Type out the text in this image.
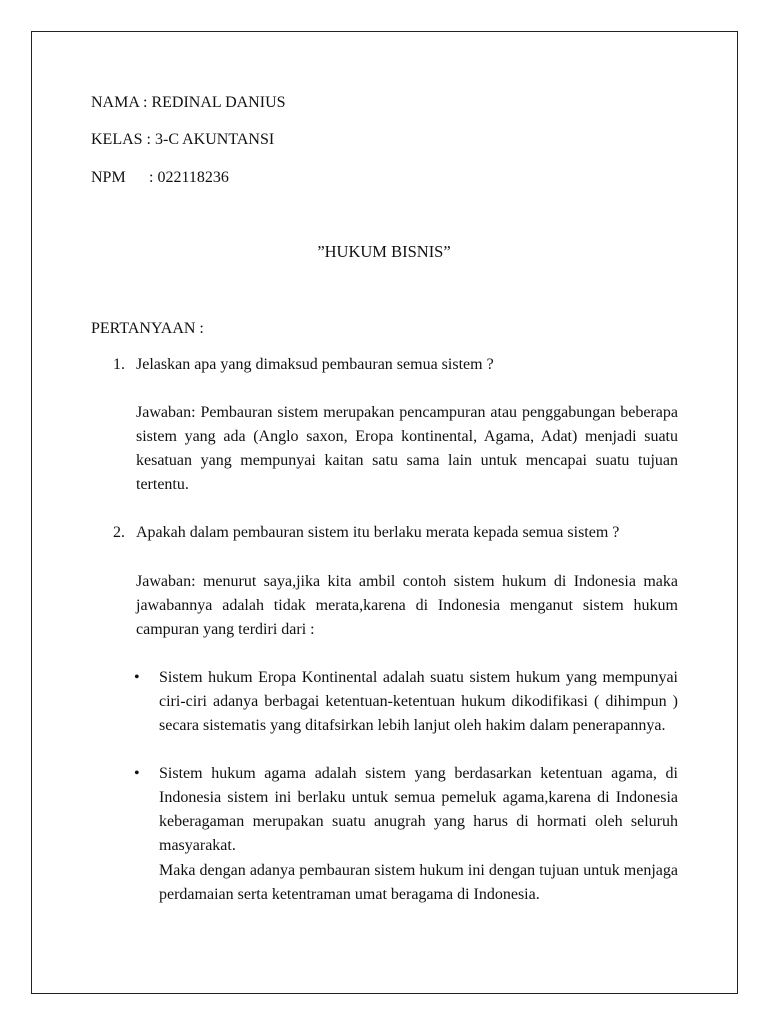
NAMA : REDINAL DANIUS
KELAS : 3-C AKUNTANSI
NPM : 022118236
”HUKUM BISNIS”
PERTANYAAN :
1. Jelaskan apa yang dimaksud pembauran semua sistem ?

Jawaban: Pembauran sistem merupakan pencampuran atau penggabungan beberapa sistem yang ada (Anglo saxon, Eropa kontinental, Agama, Adat) menjadi suatu kesatuan yang mempunyai kaitan satu sama lain untuk mencapai suatu tujuan tertentu.

2. Apakah dalam pembauran sistem itu berlaku merata kepada semua sistem ?

Jawaban: menurut saya,jika kita ambil contoh sistem hukum di Indonesia maka jawabannya adalah tidak merata,karena di Indonesia menganut sistem hukum campuran yang terdiri dari :

• Sistem hukum Eropa Kontinental adalah suatu sistem hukum yang mempunyai ciri-ciri adanya berbagai ketentuan-ketentuan hukum dikodifikasi ( dihimpun ) secara sistematis yang ditafsirkan lebih lanjut oleh hakim dalam penerapannya.

• Sistem hukum agama adalah sistem yang berdasarkan ketentuan agama, di Indonesia sistem ini berlaku untuk semua pemeluk agama,karena di Indonesia keberagaman merupakan suatu anugrah yang harus di hormati oleh seluruh masyarakat.

Maka dengan adanya pembauran sistem hukum ini dengan tujuan untuk menjaga perdamaian serta ketentraman umat beragama di Indonesia.
